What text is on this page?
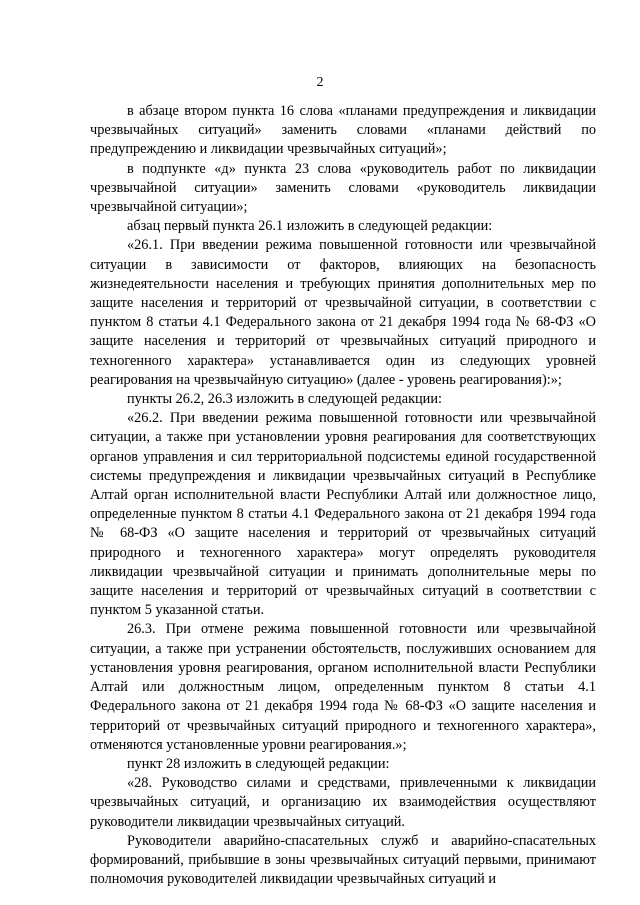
2

в абзаце втором пункта 16 слова «планами предупреждения и ликвидации чрезвычайных ситуаций» заменить словами «планами действий по предупреждению и ликвидации чрезвычайных ситуаций»;

в подпункте «д» пункта 23 слова «руководитель работ по ликвидации чрезвычайной ситуации» заменить словами «руководитель ликвидации чрезвычайной ситуации»;

абзац первый пункта 26.1 изложить в следующей редакции:

«26.1. При введении режима повышенной готовности или чрезвычайной ситуации в зависимости от факторов, влияющих на безопасность жизнедеятельности населения и требующих принятия дополнительных мер по защите населения и территорий от чрезвычайной ситуации, в соответствии с пунктом 8 статьи 4.1 Федерального закона от 21 декабря 1994 года № 68-ФЗ «О защите населения и территорий от чрезвычайных ситуаций природного и техногенного характера» устанавливается один из следующих уровней реагирования на чрезвычайную ситуацию» (далее - уровень реагирования):»;

пункты 26.2, 26.3 изложить в следующей редакции:

«26.2. При введении режима повышенной готовности или чрезвычайной ситуации, а также при установлении уровня реагирования для соответствующих органов управления и сил территориальной подсистемы единой государственной системы предупреждения и ликвидации чрезвычайных ситуаций в Республике Алтай орган исполнительной власти Республики Алтай или должностное лицо, определенные пунктом 8 статьи 4.1 Федерального закона от 21 декабря 1994 года № 68-ФЗ «О защите населения и территорий от чрезвычайных ситуаций природного и техногенного характера» могут определять руководителя ликвидации чрезвычайной ситуации и принимать дополнительные меры по защите населения и территорий от чрезвычайных ситуаций в соответствии с пунктом 5 указанной статьи.

26.3. При отмене режима повышенной готовности или чрезвычайной ситуации, а также при устранении обстоятельств, послуживших основанием для установления уровня реагирования, органом исполнительной власти Республики Алтай или должностным лицом, определенным пунктом 8 статьи 4.1 Федерального закона от 21 декабря 1994 года № 68-ФЗ «О защите населения и территорий от чрезвычайных ситуаций природного и техногенного характера», отменяются установленные уровни реагирования.»;

пункт 28 изложить в следующей редакции:

«28. Руководство силами и средствами, привлеченными к ликвидации чрезвычайных ситуаций, и организацию их взаимодействия осуществляют руководители ликвидации чрезвычайных ситуаций.

Руководители аварийно-спасательных служб и аварийно-спасательных формирований, прибывшие в зоны чрезвычайных ситуаций первыми, принимают полномочия руководителей ликвидации чрезвычайных ситуаций и
